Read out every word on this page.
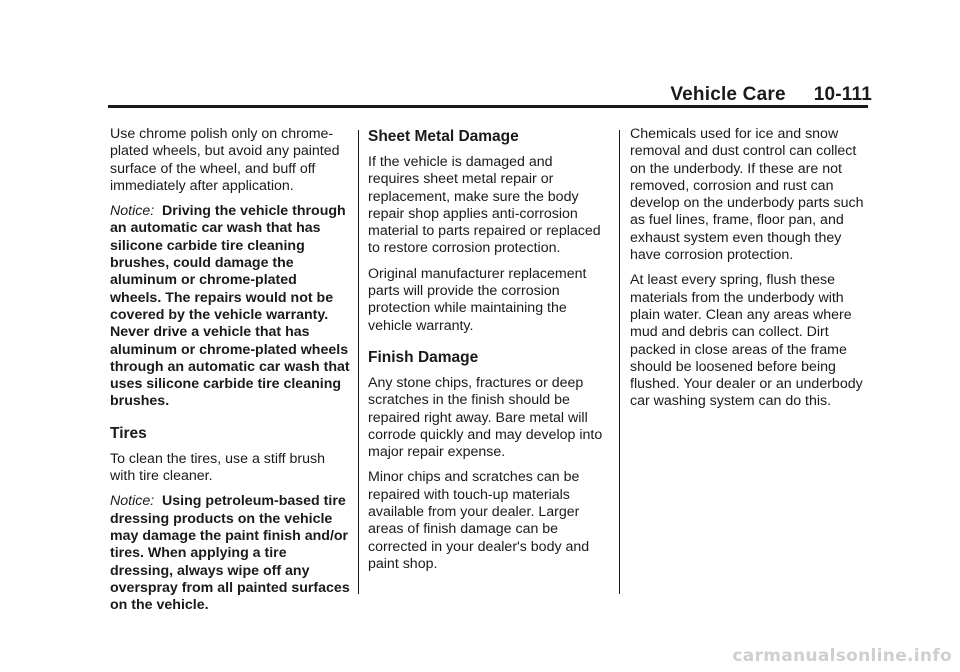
Vehicle Care 10-111

Use chrome polish only on chrome-plated wheels, but avoid any painted surface of the wheel, and buff off immediately after application.

Notice: Driving the vehicle through an automatic car wash that has silicone carbide tire cleaning brushes, could damage the aluminum or chrome-plated wheels. The repairs would not be covered by the vehicle warranty. Never drive a vehicle that has aluminum or chrome-plated wheels through an automatic car wash that uses silicone carbide tire cleaning brushes.

Tires

To clean the tires, use a stiff brush with tire cleaner.

Notice: Using petroleum-based tire dressing products on the vehicle may damage the paint finish and/or tires. When applying a tire dressing, always wipe off any overspray from all painted surfaces on the vehicle.

Sheet Metal Damage

If the vehicle is damaged and requires sheet metal repair or replacement, make sure the body repair shop applies anti-corrosion material to parts repaired or replaced to restore corrosion protection.

Original manufacturer replacement parts will provide the corrosion protection while maintaining the vehicle warranty.

Finish Damage

Any stone chips, fractures or deep scratches in the finish should be repaired right away. Bare metal will corrode quickly and may develop into major repair expense.

Minor chips and scratches can be repaired with touch-up materials available from your dealer. Larger areas of finish damage can be corrected in your dealer's body and paint shop.

Chemicals used for ice and snow removal and dust control can collect on the underbody. If these are not removed, corrosion and rust can develop on the underbody parts such as fuel lines, frame, floor pan, and exhaust system even though they have corrosion protection.

At least every spring, flush these materials from the underbody with plain water. Clean any areas where mud and debris can collect. Dirt packed in close areas of the frame should be loosened before being flushed. Your dealer or an underbody car washing system can do this.

carmanualsonline.info
